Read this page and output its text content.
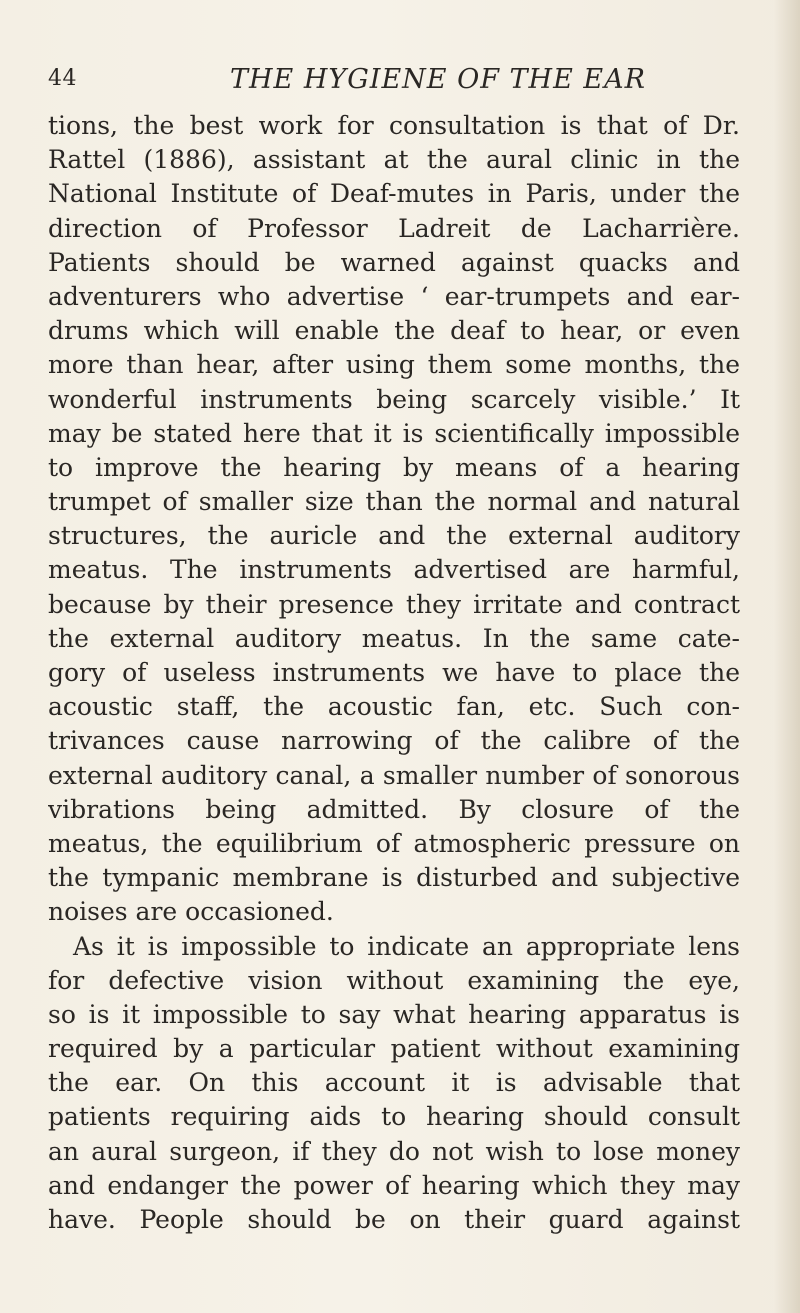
44	THE HYGIENE OF THE EAR
tions, the best work for consultation is that of Dr.
Rattel (1886), assistant at the aural clinic in the
National Institute of Deaf-mutes in Paris, under the
direction of Professor Ladreit de Lacharrière.
Patients should be warned against quacks and
adventurers who advertise ‘ ear-trumpets and ear-
drums which will enable the deaf to hear, or even
more than hear, after using them some months, the
wonderful instruments being scarcely visible.’ It
may be stated here that it is scientifically impossible
to improve the hearing by means of a hearing
trumpet of smaller size than the normal and natural
structures, the auricle and the external auditory
meatus. The instruments advertised are harmful,
because by their presence they irritate and contract
the external auditory meatus. In the same cate-
gory of useless instruments we have to place the
acoustic staff, the acoustic fan, etc. Such con-
trivances cause narrowing of the calibre of the
external auditory canal, a smaller number of sonorous
vibrations being admitted. By closure of the
meatus, the equilibrium of atmospheric pressure on
the tympanic membrane is disturbed and subjective
noises are occasioned.
As it is impossible to indicate an appropriate lens
for defective vision without examining the eye,
so is it impossible to say what hearing apparatus is
required by a particular patient without examining
the ear. On this account it is advisable that
patients requiring aids to hearing should consult
an aural surgeon, if they do not wish to lose money
and endanger the power of hearing which they may
have. People should be on their guard against
